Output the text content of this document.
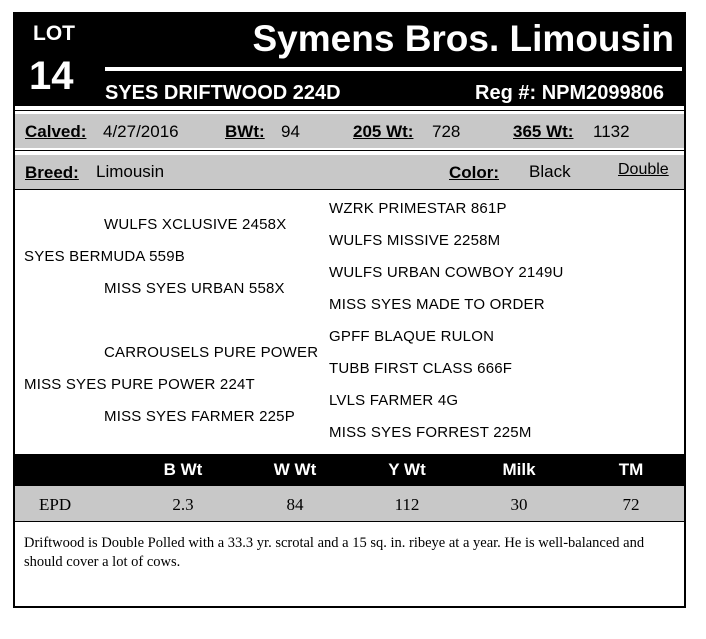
LOT
14
Symens Bros. Limousin
SYES DRIFTWOOD 224D	Reg #: NPM2099806
Calved: 4/27/2016	BWt: 94	205 Wt: 728	365 Wt: 1132
Breed: Limousin	Color: Black	Double
WULFS XCLUSIVE 2458X
SYES BERMUDA 559B
MISS SYES URBAN 558X
CARROUSELS PURE POWER
MISS SYES PURE POWER 224T
MISS SYES FARMER 225P
WZRK PRIMESTAR 861P
WULFS MISSIVE 2258M
WULFS URBAN COWBOY 2149U
MISS SYES MADE TO ORDER
GPFF BLAQUE RULON
TUBB FIRST CLASS 666F
LVLS FARMER 4G
MISS SYES FORREST 225M
B Wt	W Wt	Y Wt	Milk	TM
EPD	2.3	84	112	30	72
Driftwood is Double Polled with a 33.3 yr. scrotal and a 15 sq. in. ribeye at a year. He is well-balanced and should cover a lot of cows.
